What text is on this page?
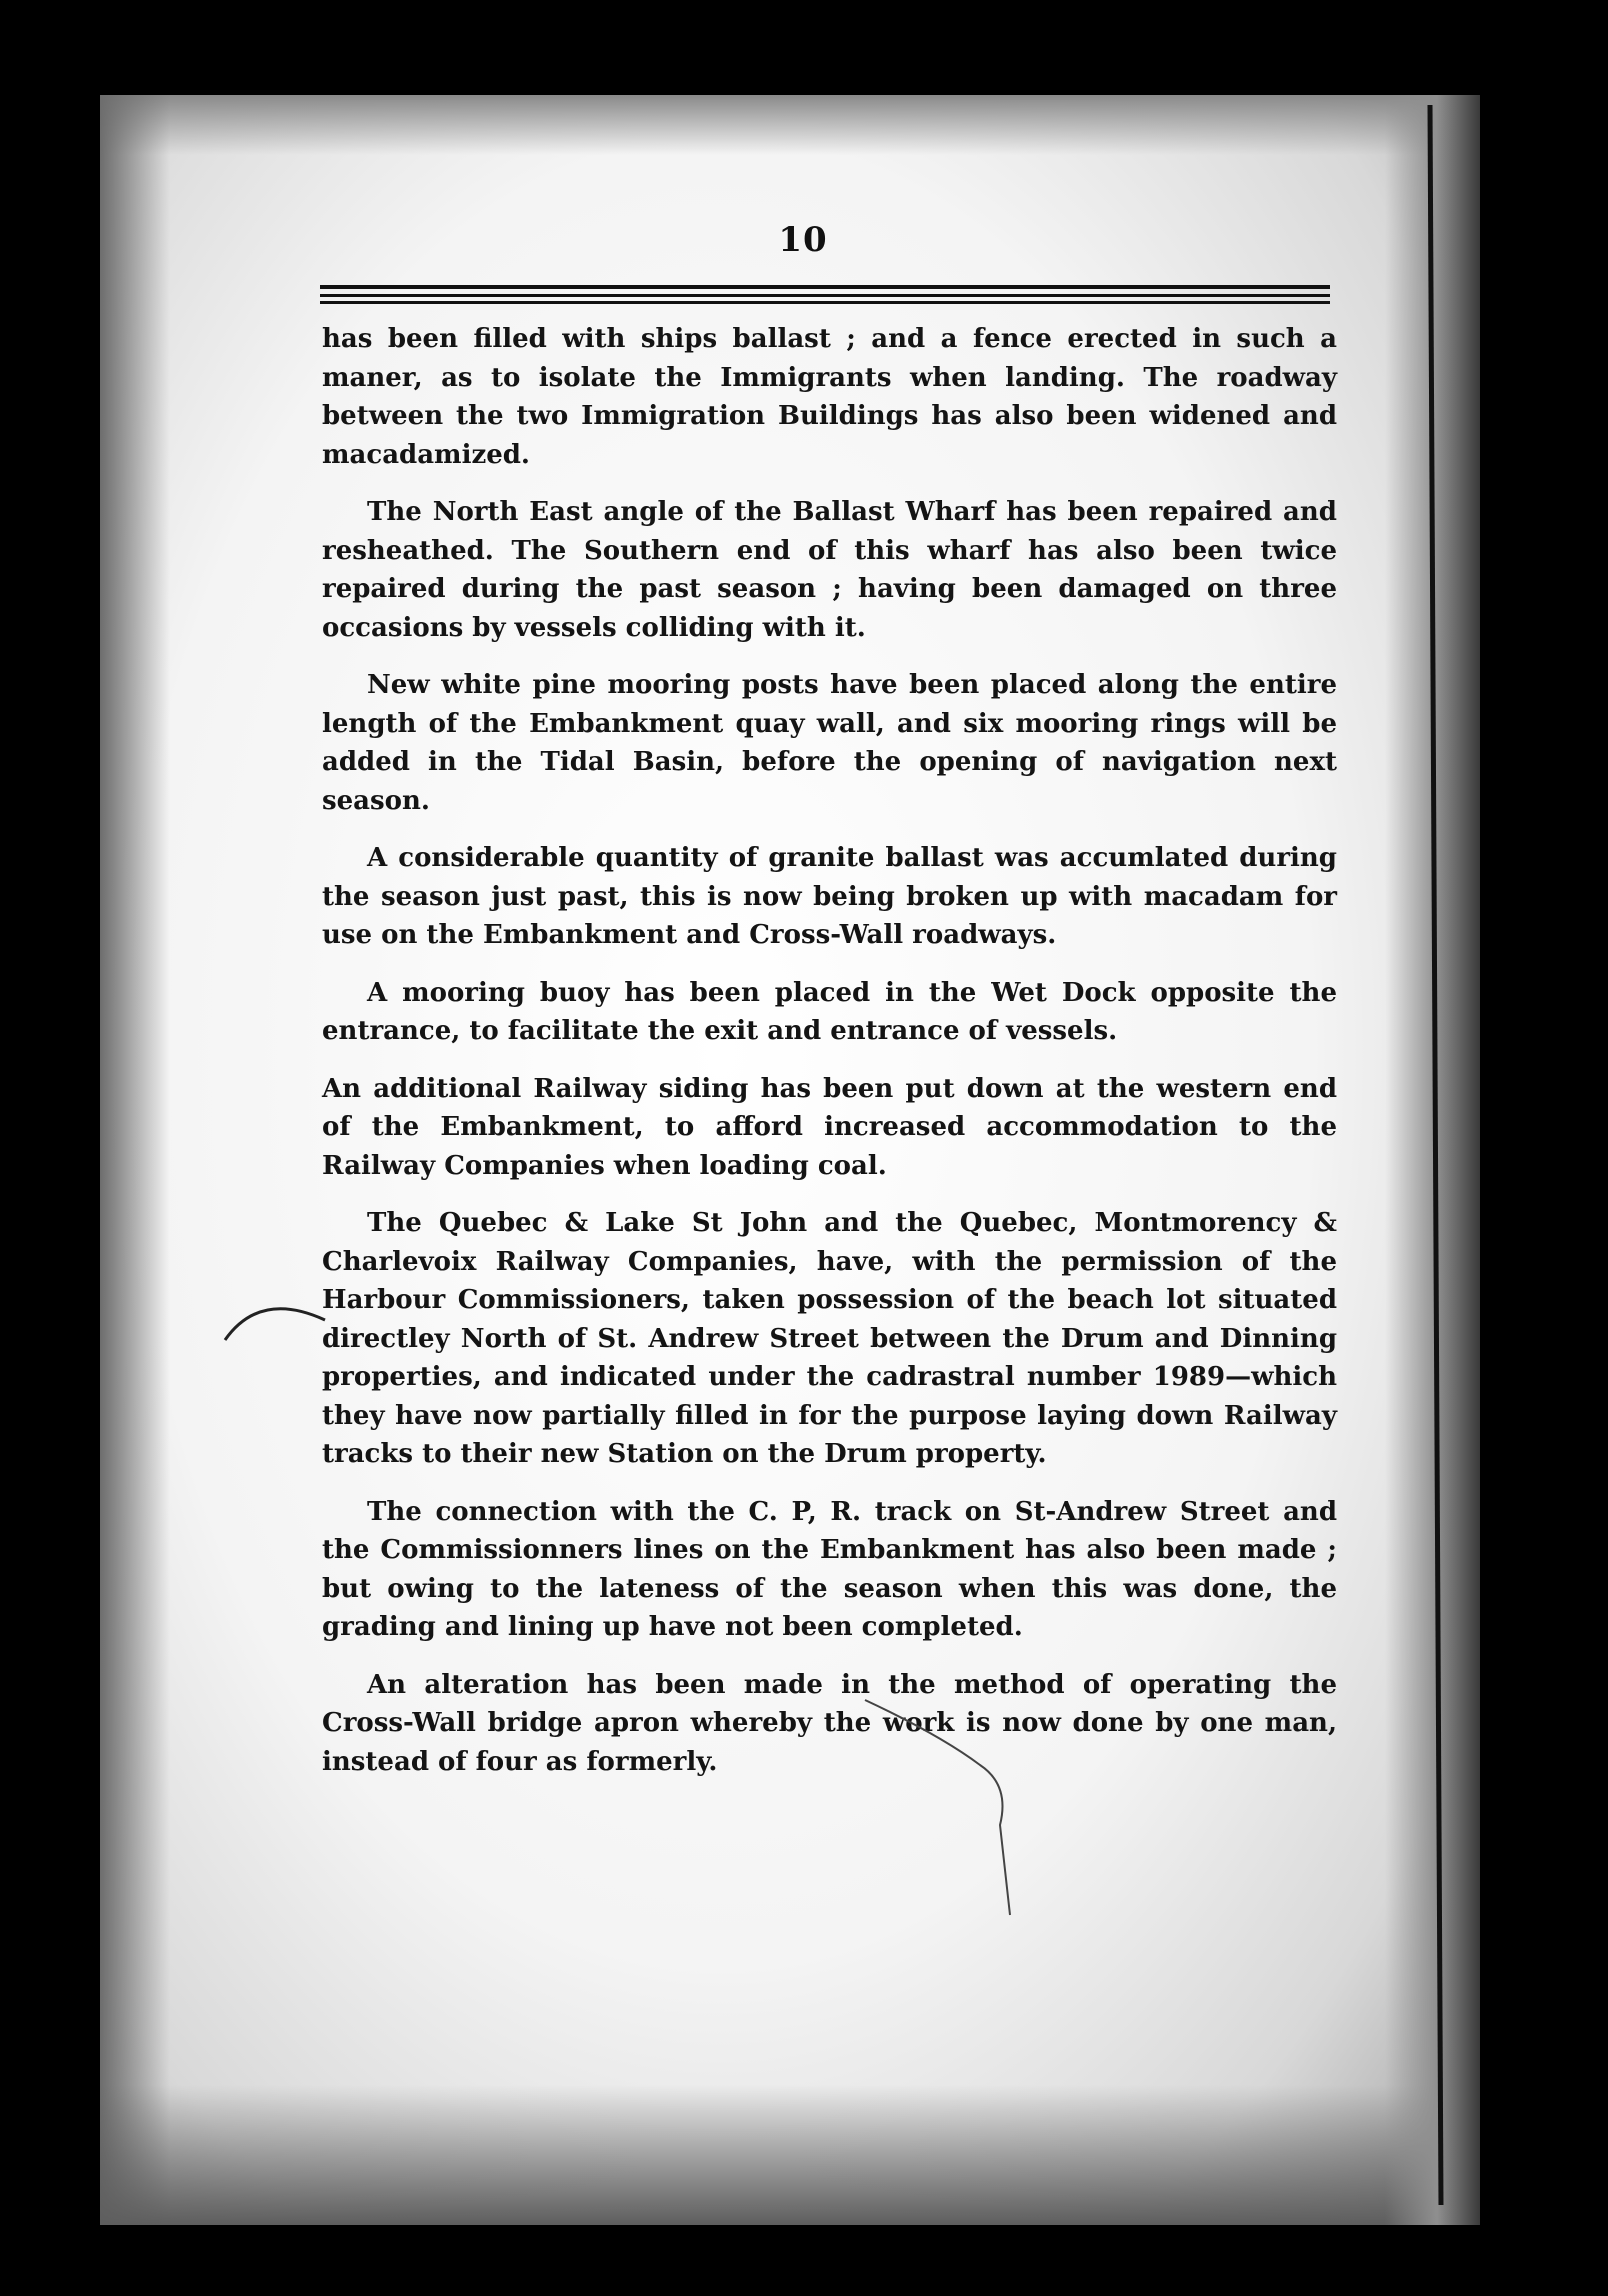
10

has been filled with ships ballast ; and a fence erected in such a maner, as to isolate the Immigrants when landing. The roadway between the two Immigration Buildings has also been widened and macadamized.

The North East angle of the Ballast Wharf has been repaired and resheathed. The Southern end of this wharf has also been twice repaired during the past season ; having been damaged on three occasions by vessels colliding with it.

New white pine mooring posts have been placed along the entire length of the Embankment quay wall, and six mooring rings will be added in the Tidal Basin, before the opening of navigation next season.

A considerable quantity of granite ballast was accumlated during the season just past, this is now being broken up with macadam for use on the Embankment and Cross-Wall roadways.

A mooring buoy has been placed in the Wet Dock opposite the entrance, to facilitate the exit and entrance of vessels.

An additional Railway siding has been put down at the western end of the Embankment, to afford increased accommodation to the Railway Companies when loading coal.

The Quebec & Lake St John and the Quebec, Montmorency & Charlevoix Railway Companies, have, with the permission of the Harbour Commissioners, taken possession of the beach lot situated directley North of St. Andrew Street between the Drum and Dinning properties, and indicated under the cadrastral number 1989—which they have now partially filled in for the purpose laying down Railway tracks to their new Station on the Drum property.

The connection with the C. P, R. track on St-Andrew Street and the Commissionners lines on the Embankment has also been made ; but owing to the lateness of the season when this was done, the grading and lining up have not been completed.

An alteration has been made in the method of operating the Cross-Wall bridge apron whereby the work is now done by one man, instead of four as formerly.
